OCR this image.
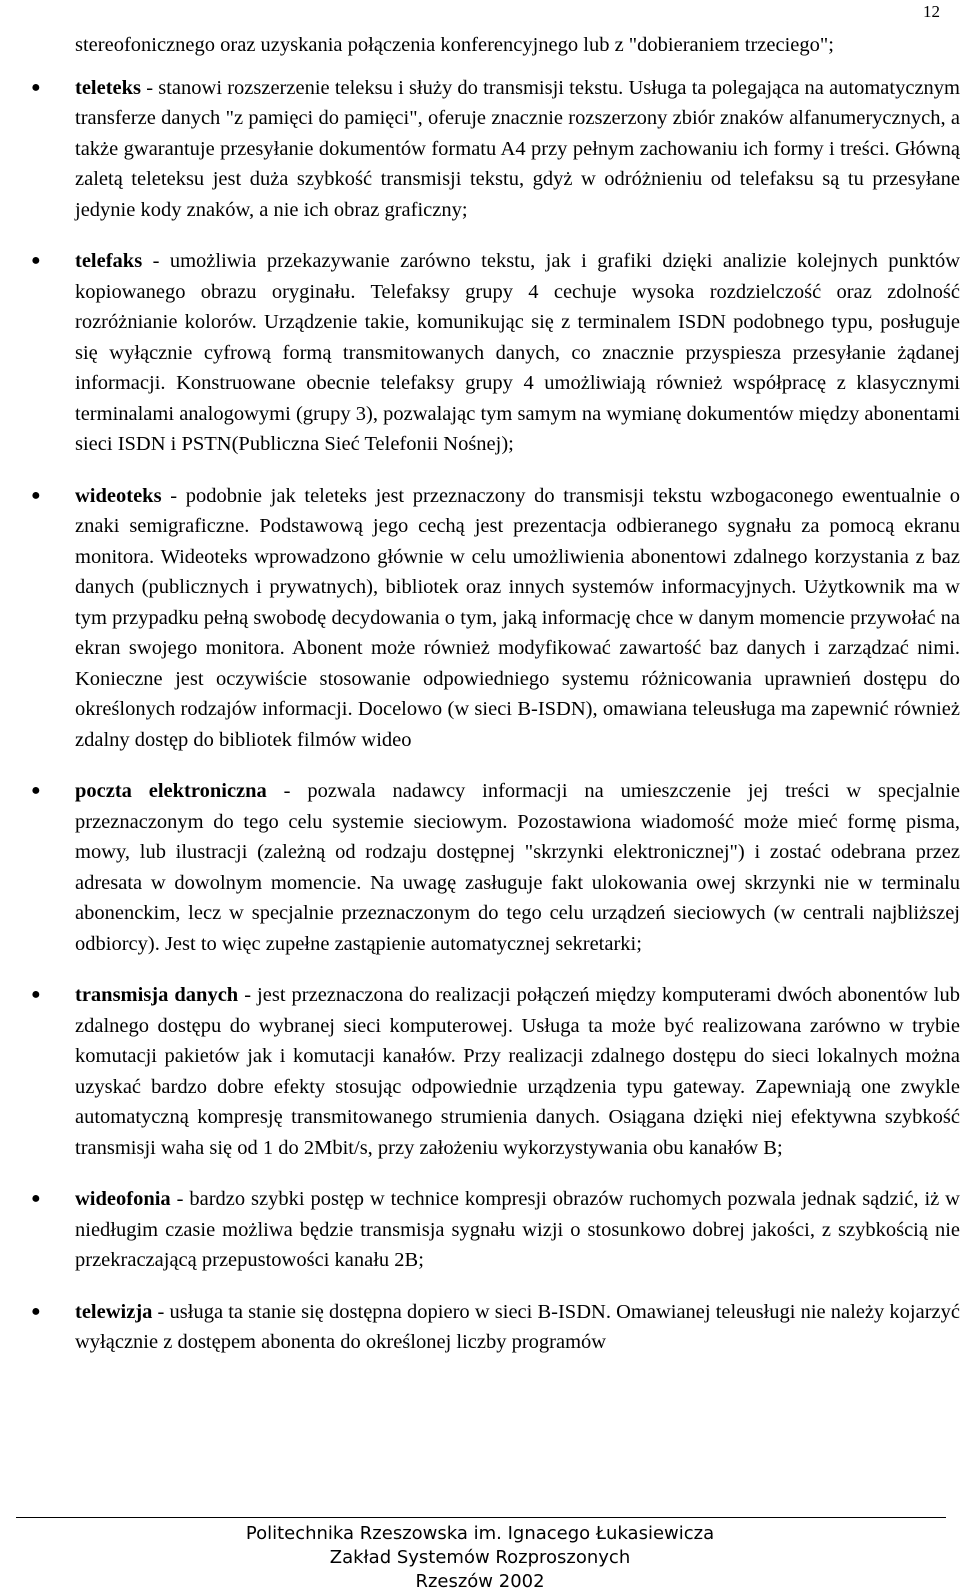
12

stereofonicznego oraz uzyskania połączenia konferencyjnego lub z "dobieraniem trzeciego";

● teleteks - stanowi rozszerzenie teleksu i służy do transmisji tekstu. Usługa ta polegająca na automatycznym transferze danych "z pamięci do pamięci", oferuje znacznie rozszerzony zbiór znaków alfanumerycznych, a także gwarantuje przesyłanie dokumentów formatu A4 przy pełnym zachowaniu ich formy i treści. Główną zaletą teleteksu jest duża szybkość transmisji tekstu, gdyż w odróżnieniu od telefaksu są tu przesyłane jedynie kody znaków, a nie ich obraz graficzny;
● telefaks - umożliwia przekazywanie zarówno tekstu, jak i grafiki dzięki analizie kolejnych punktów kopiowanego obrazu oryginału. Telefaksy grupy 4 cechuje wysoka rozdzielczość oraz zdolność rozróżnianie kolorów. Urządzenie takie, komunikując się z terminalem ISDN podobnego typu, posługuje się wyłącznie cyfrową formą transmitowanych danych, co znacznie przyspiesza przesyłanie żądanej informacji. Konstruowane obecnie telefaksy grupy 4 umożliwiają również współpracę z klasycznymi terminalami analogowymi (grupy 3), pozwalając tym samym na wymianę dokumentów między abonentami sieci ISDN i PSTN(Publiczna Sieć Telefonii Nośnej);
● wideoteks - podobnie jak teleteks jest przeznaczony do transmisji tekstu wzbogaconego ewentualnie o znaki semigraficzne. Podstawową jego cechą jest prezentacja odbieranego sygnału za pomocą ekranu monitora. Wideoteks wprowadzono głównie w celu umożliwienia abonentowi zdalnego korzystania z baz danych (publicznych i prywatnych), bibliotek oraz innych systemów informacyjnych. Użytkownik ma w tym przypadku pełną swobodę decydowania o tym, jaką informację chce w danym momencie przywołać na ekran swojego monitora. Abonent może również modyfikować zawartość baz danych i zarządzać nimi. Konieczne jest oczywiście stosowanie odpowiedniego systemu różnicowania uprawnień dostępu do określonych rodzajów informacji. Docelowo (w sieci B-ISDN), omawiana teleusługa ma zapewnić również zdalny dostęp do bibliotek filmów wideo
● poczta elektroniczna - pozwala nadawcy informacji na umieszczenie jej treści w specjalnie przeznaczonym do tego celu systemie sieciowym. Pozostawiona wiadomość może mieć formę pisma, mowy, lub ilustracji (zależną od rodzaju dostępnej "skrzynki elektronicznej") i zostać odebrana przez adresata w dowolnym momencie. Na uwagę zasługuje fakt ulokowania owej skrzynki nie w terminalu abonenckim, lecz w specjalnie przeznaczonym do tego celu urządzeń sieciowych (w centrali najbliższej odbiorcy). Jest to więc zupełne zastąpienie automatycznej sekretarki;
● transmisja danych - jest przeznaczona do realizacji połączeń między komputerami dwóch abonentów lub zdalnego dostępu do wybranej sieci komputerowej. Usługa ta może być realizowana zarówno w trybie komutacji pakietów jak i komutacji kanałów. Przy realizacji zdalnego dostępu do sieci lokalnych można uzyskać bardzo dobre efekty stosując odpowiednie urządzenia typu gateway. Zapewniają one zwykle automatyczną kompresję transmitowanego strumienia danych. Osiągana dzięki niej efektywna szybkość transmisji waha się od 1 do 2Mbit/s, przy założeniu wykorzystywania obu kanałów B;
● wideofonia - bardzo szybki postęp w technice kompresji obrazów ruchomych pozwala jednak sądzić, iż w niedługim czasie możliwa będzie transmisja sygnału wizji o stosunkowo dobrej jakości, z szybkością nie przekraczającą przepustowości kanału 2B;
● telewizja - usługa ta stanie się dostępna dopiero w sieci B-ISDN. Omawianej teleusługi nie należy kojarzyć wyłącznie z dostępem abonenta do określonej liczby programów
Politechnika Rzeszowska im. Ignacego Łukasiewicza
Zakład Systemów Rozproszonych
Rzeszów 2002
